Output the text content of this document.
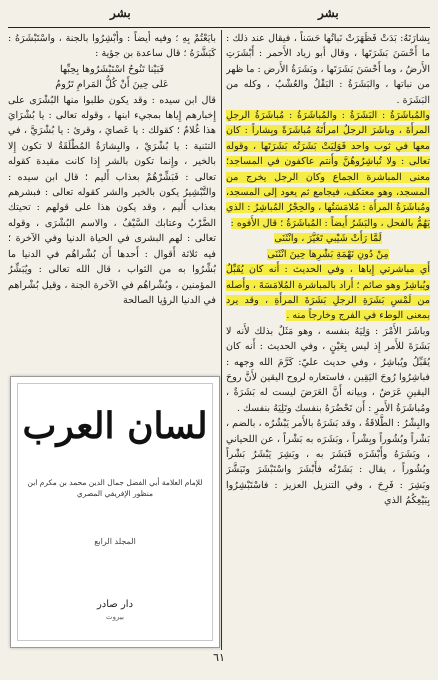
بشر
بشر

بِشارَتَهُ: بَدَتْ فَظَهَرَتْ نَباتُها حَسَناً ، فيقال عند ذلك : ما أَحْسَنَ بَشَرَتَها ، وقال أبو زياد الأَحمر : أَبْشَرَتِ الأَرضُ ، وما أَحْسَنَ بَشَرَتَها ، وبَشَرَةُ الأَرض : ما ظهر من نباتها ، والبَشَرَةُ : البَقْلُ والعُشْبُ ، وكله من البَشَرَة .

والمُباشَرَةُ : البَشَرَةُ : والمُباشَرَةُ : مُباشَرَةُ الرجلِ المرأَةَ ، وباشَرَ الرجلُ امرأَتَهُ مُباشَرَةً وبِشاراً : كان معها في ثوب واحد فَوَلِيَتْ بَشَرَتُه بَشَرَتَها ، وقوله تعالى : ولا تُباشِرُوهُنَّ وأَنتم عاكفون في المساجد؛ معنى المباشرة الجماع وكان الرجل يخرج من المسجد، وهو معتكف، فيجامع ثم يعود إلى المسجد، ومُباشَرَةُ المرأَة : مُلامَسَتُها ، والحِجْرُ المُباشِرُ : الذي يَهُمُّ بالفحل ، والبَشَرُ أَيضاً : المُباشَرَةُ ؛ قال الأَفوه :

لَمَّا رَأَتْ شَيْبي تَغَيَّرَ ، وانْثَنَى

مِنْ دُونِ نَهْمَةِ بَشْرِها حِينَ انْثَنَى

أَي مباشرتي إِياها ، وفي الحديث : أَنه كان يُقَبِّلُ ويُباشِرُ وهو صائم ؛ أَراد بالمباشرة المُلامَسَةَ ، وأَصله من لَمْسِ بَشَرَةِ الرجلِ بَشَرَةَ المرأَةِ ، وقد يرد بمعنى الوطء في الفرج وخارجاً منه .

وباشَرَ الأَمْرَ : وَلِيَهُ بنفسه ، وهو مَثَلٌ بذلك لأَنه لا بَشَرَةَ للأَمر إِذ ليس بِعَيْنٍ ، وفي الحديث : أَنه كان يُقَبِّلُ ويُباشِرُ ، وفي حديث عليّ: كَرَّمَ الله وجهه : فباشِرُوا رُوحَ اليَقِين ، فاستعاره لروح اليقين لأَنَّ روحَ اليقينِ عَرَضٌ ، وبيانه أَنَّ العَرَضَ ليست له بَشَرَةٌ ، ومُباشَرَةُ الأَمرِ : أَن تَحْضُرَهُ بنفسك وتَلِيَهُ بنفسك .

والبِشْرُ : الطَّلاقَةُ ، وقد بَشَرَهُ بالأَمر يَبْشُرُه ، بالضم ، بَشْراً وبُشُوراً وبِشْراً ، وبَشَرَه به بَشْراً ، عن اللحياني ، وبَشَرَهُ وأَبْشَرَه فَبَشَرَ به ، وبَشِرَ يَبْشَرُ بَشْراً وبُشُوراً ، يقال : بَشَرْتُه فأَبْشَرَ واسْتَبْشَرَ وتَبَشَّرَ وبَشِرَ : فَرِحَ ، وفي التنزيل العزيز : فاسْتَبْشِرُوا بِبَيْعِكُمُ الذي

بايَعْتُمْ بِهِ ؛ وفيه أَيضاً : وأَبْشِرُوا بالجنة ، واسْتَبْشَرَهُ : كَبَشَّرَهُ ؛ قال ساعدة بن جؤية :

فَبَيْنا تَنُوحُ اسْتَبْشَرُوها بِحِبِّها

عَلى حِينَ أَنْ كُلُّ المَرامِ تَرُومُ

قال ابن سيده : وقد يكون طلبوا منها البُشْرَى على إِخبارهم إِياها بمجيء ابنها ، وقوله تعالى : يا بُشْرَايَ هذا غُلامٌ ؛ كقولك : يا عَصايَ ، وقرئ : يا بُشْرَيَّ ، في التثنية : يا بُشْرَيْ ، والبِشارَةُ المُطْلَقَةُ لا تكون إِلا بالخير ، وإِنما تكون بالشر إِذا كانت مقيدة كقوله تعالى : فَبَشِّرْهُمْ بعذاب أَليم ؛ قال ابن سيده : والتَّبْشِيرُ يكون بالخير والشر كقوله تعالى : فبشرهم بعذاب أَليم ، وقد يكون هذا على قولهم : تحيتك الضَّرْبُ وعتابك السَّيْفُ ، والاسم البُشْرَى ، وقوله تعالى : لهم البشرى في الحياة الدنيا وفي الآخرة ؛ فيه ثلاثة أَقوال : أَحدها أَن بُشْراهُم في الدنيا ما بُشِّرُوا به من الثواب ، قال الله تعالى : ويُبَشِّرُ المؤمنين ، وبُشْراهُم في الآخرة الجنة ، وقيل بُشْراهم في الدنيا الرؤيا الصالحة

لسان العرب
للإمام العلامة أبي الفضل جمال الدين محمد بن مكرم ابن منظور الإفريقي المصري
المجلد الرابع
دار صادر
بيروت
٦١
